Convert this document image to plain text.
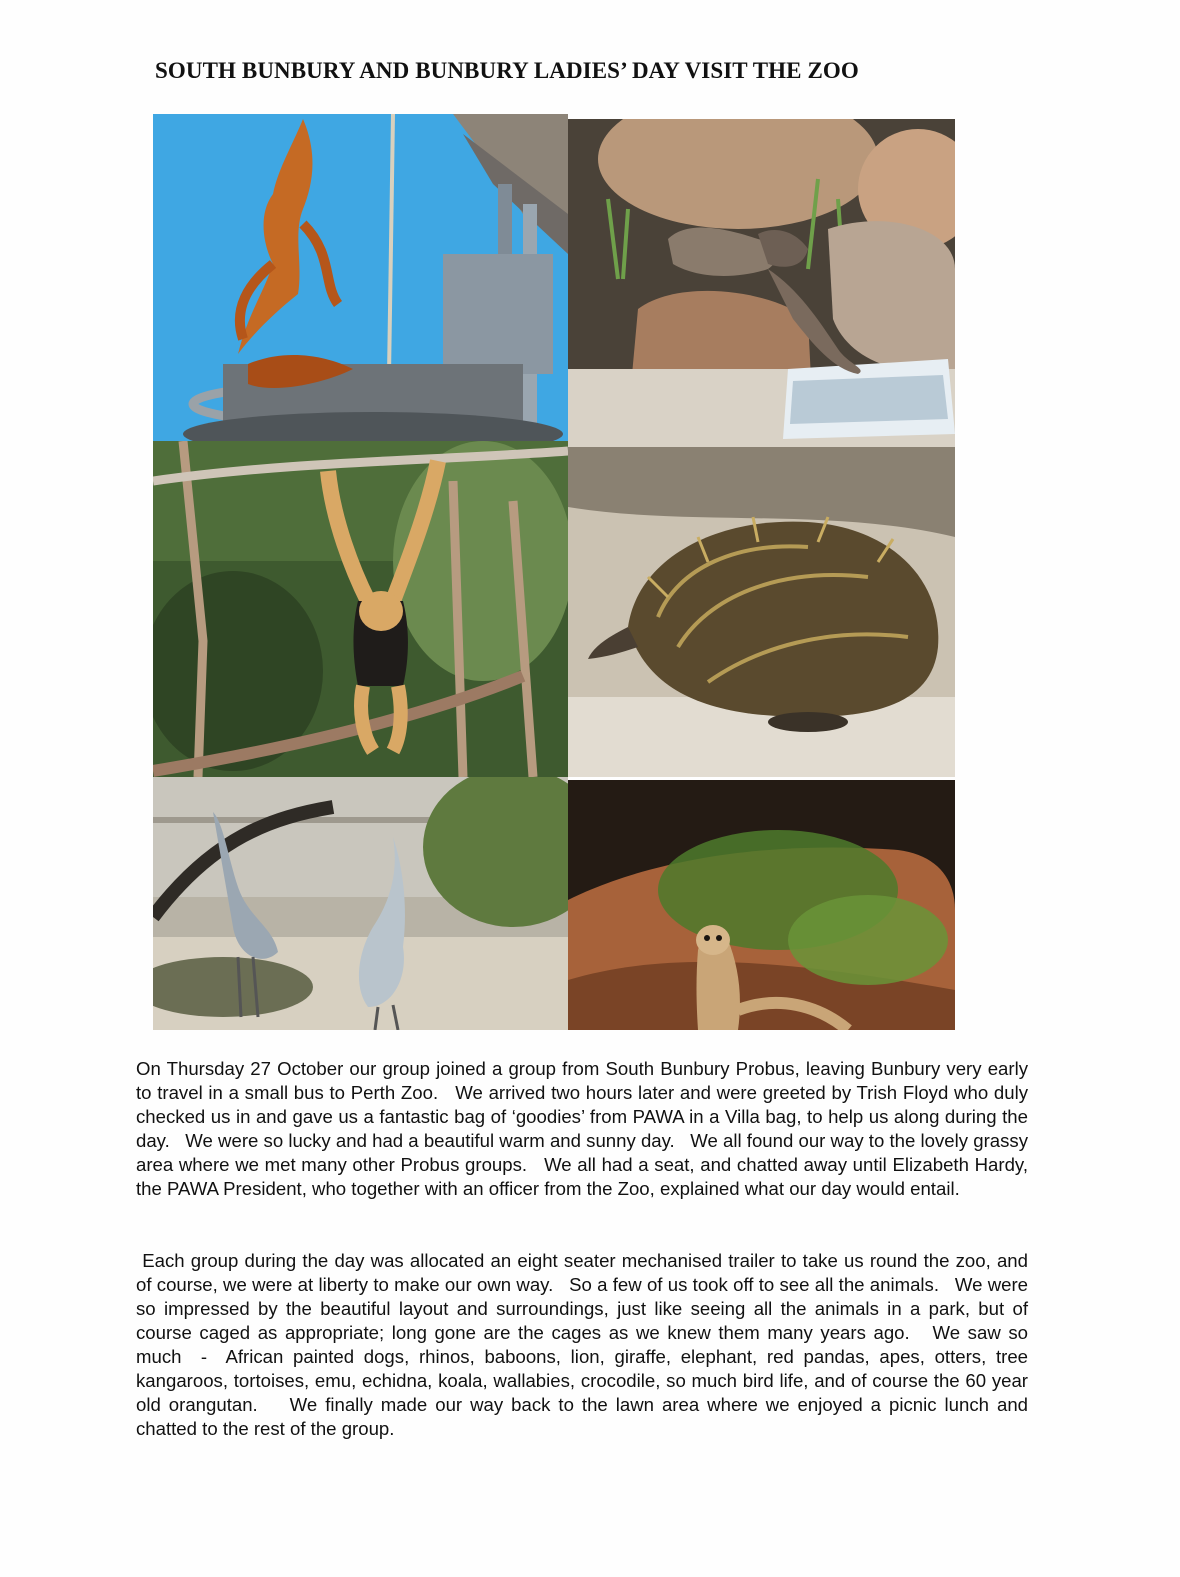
SOUTH BUNBURY AND BUNBURY LADIES’ DAY VISIT THE ZOO

On Thursday 27 October our group joined a group from South Bunbury Probus, leaving Bunbury very early to travel in a small bus to Perth Zoo.   We arrived two hours later and were greeted by Trish Floyd who duly checked us in and gave us a fantastic bag of ‘goodies’ from PAWA in a Villa bag, to help us along during the day.   We were so lucky and had a beautiful warm and sunny day.   We all found our way to the lovely grassy area where we met many other Probus groups.   We all had a seat, and chatted away until Elizabeth Hardy, the PAWA President, who together with an officer from the Zoo, explained what our day would entail.

Each group during the day was allocated an eight seater mechanised trailer to take us round the zoo, and of course, we were at liberty to make our own way.   So a few of us took off to see all the animals.   We were so impressed by the beautiful layout and surroundings, just like seeing all the animals in a park, but of course caged as appropriate; long gone are the cages as we knew them many years ago.   We saw so much  -  African painted dogs, rhinos, baboons, lion, giraffe, elephant, red pandas, apes, otters, tree kangaroos, tortoises, emu, echidna, koala, wallabies, crocodile, so much bird life, and of course the 60 year old orangutan.    We finally made our way back to the lawn area where we enjoyed a picnic lunch and chatted to the rest of the group.
